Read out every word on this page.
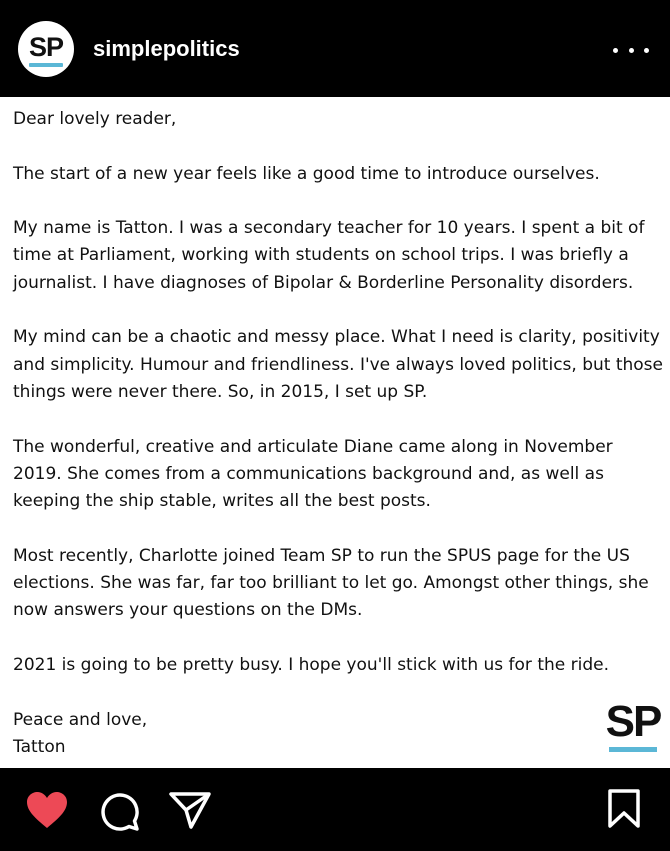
SP simplepolitics

Dear lovely reader,

The start of a new year feels like a good time to introduce ourselves.

My name is Tatton. I was a secondary teacher for 10 years. I spent a bit of time at Parliament, working with students on school trips. I was briefly a journalist. I have diagnoses of Bipolar & Borderline Personality disorders.

My mind can be a chaotic and messy place. What I need is clarity, positivity and simplicity. Humour and friendliness. I've always loved politics, but those things were never there. So, in 2015, I set up SP.

The wonderful, creative and articulate Diane came along in November 2019. She comes from a communications background and, as well as keeping the ship stable, writes all the best posts.

Most recently, Charlotte joined Team SP to run the SPUS page for the US elections. She was far, far too brilliant to let go. Amongst other things, she now answers your questions on the DMs.

2021 is going to be pretty busy. I hope you'll stick with us for the ride.

Peace and love,
Tatton

SP
